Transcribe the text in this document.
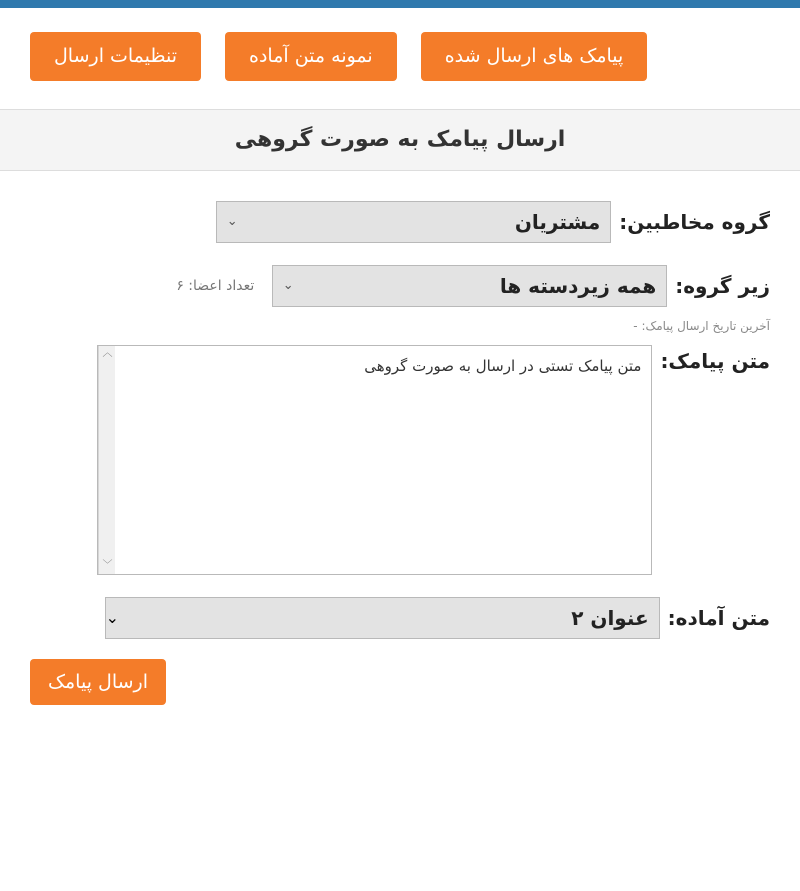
پیامک های ارسال شده
نمونه متن آماده
تنظیمات ارسال
ارسال پیامک به صورت گروهی
گروه مخاطبین:
مشتریان
⌄
زیر گروه:
همه زیردسته ها
⌄
تعداد اعضا: ۶
آخرین تاریخ ارسال پیامک: -
متن پیامک:
متن پیامک تستی در ارسال به صورت گروهی
︿
﹀
متن آماده:
عنوان ۲
⌄
ارسال پیامک
